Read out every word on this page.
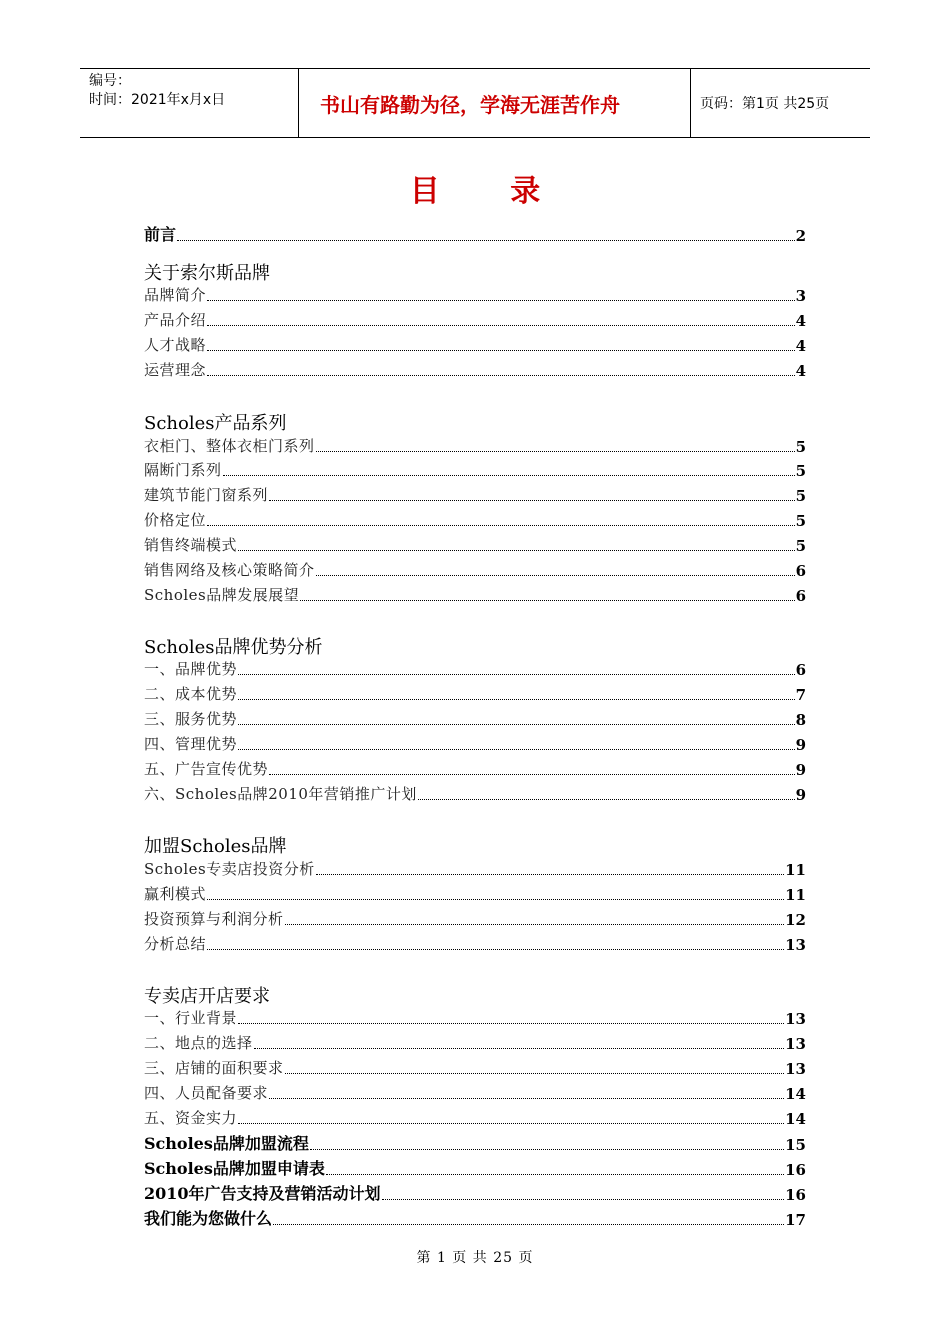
编号：
时间：2021年x月x日	书山有路勤为径，学海无涯苦作舟	页码：第1页 共25页
目 录
前言	2
关于索尔斯品牌
品牌简介	3
产品介绍	4
人才战略	4
运营理念	4
Scholes产品系列
衣柜门、整体衣柜门系列	5
隔断门系列	5
建筑节能门窗系列	5
价格定位	5
销售终端模式	5
销售网络及核心策略简介	6
Scholes品牌发展展望	6
Scholes品牌优势分析
一、品牌优势	6
二、成本优势	7
三、服务优势	8
四、管理优势	9
五、广告宣传优势	9
六、Scholes品牌2010年营销推广计划	9
加盟Scholes品牌
Scholes专卖店投资分析	11
赢利模式	11
投资预算与利润分析	12
分析总结	13
专卖店开店要求
一、行业背景	13
二、地点的选择	13
三、店铺的面积要求	13
四、人员配备要求	14
五、资金实力	14
Scholes品牌加盟流程	15
Scholes品牌加盟申请表	16
2010年广告支持及营销活动计划	16
我们能为您做什么	17
第 1 页 共 25 页
